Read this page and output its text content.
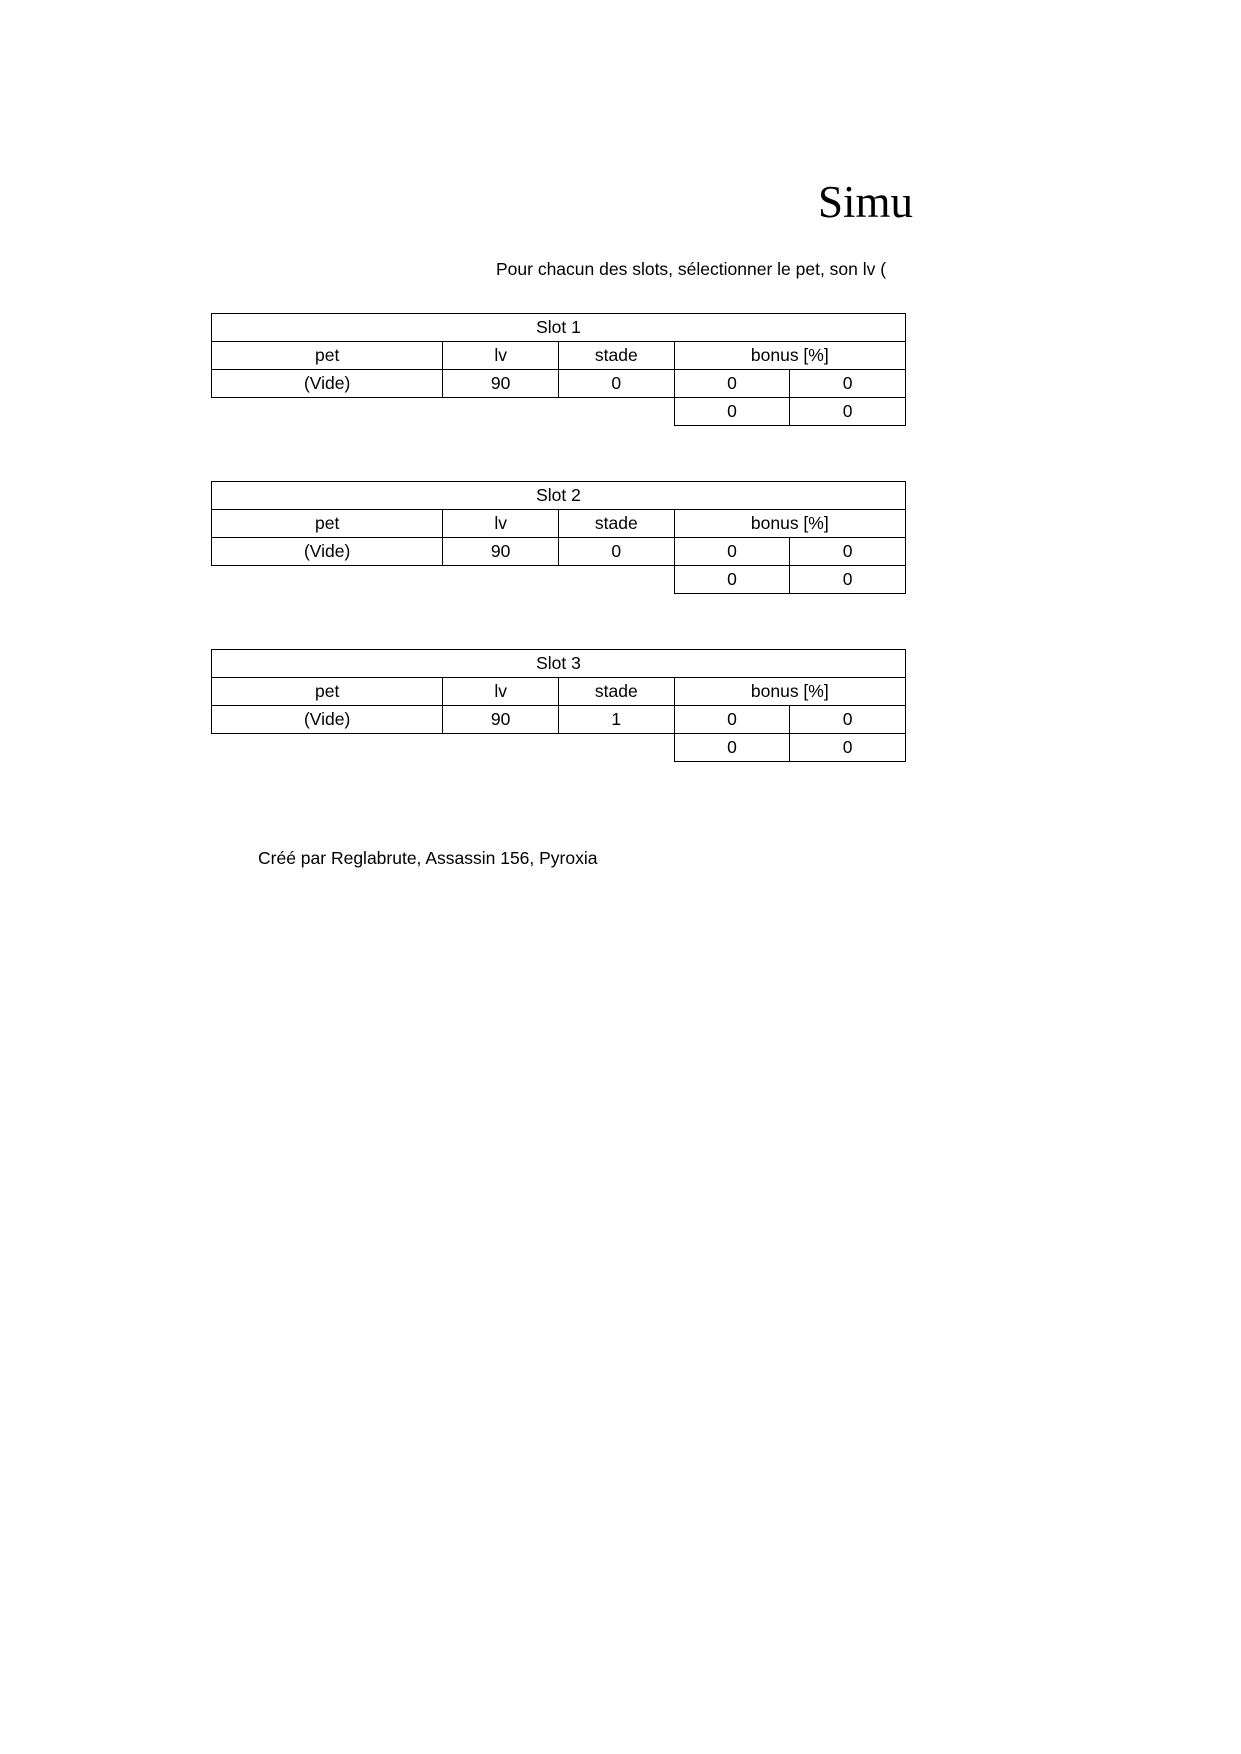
Simu
Pour chacun des slots, sélectionner le pet, son lv (
Slot 1					
pet		lv	stade	bonus [%]	
(Vide)		90	0	0	0
				0	0
Slot 2					
pet		lv	stade	bonus [%]	
(Vide)		90	0	0	0
				0	0
Slot 3					
pet		lv	stade	bonus [%]	
(Vide)		90	1	0	0
				0	0
Créé par Reglabrute, Assassin 156, Pyroxia
